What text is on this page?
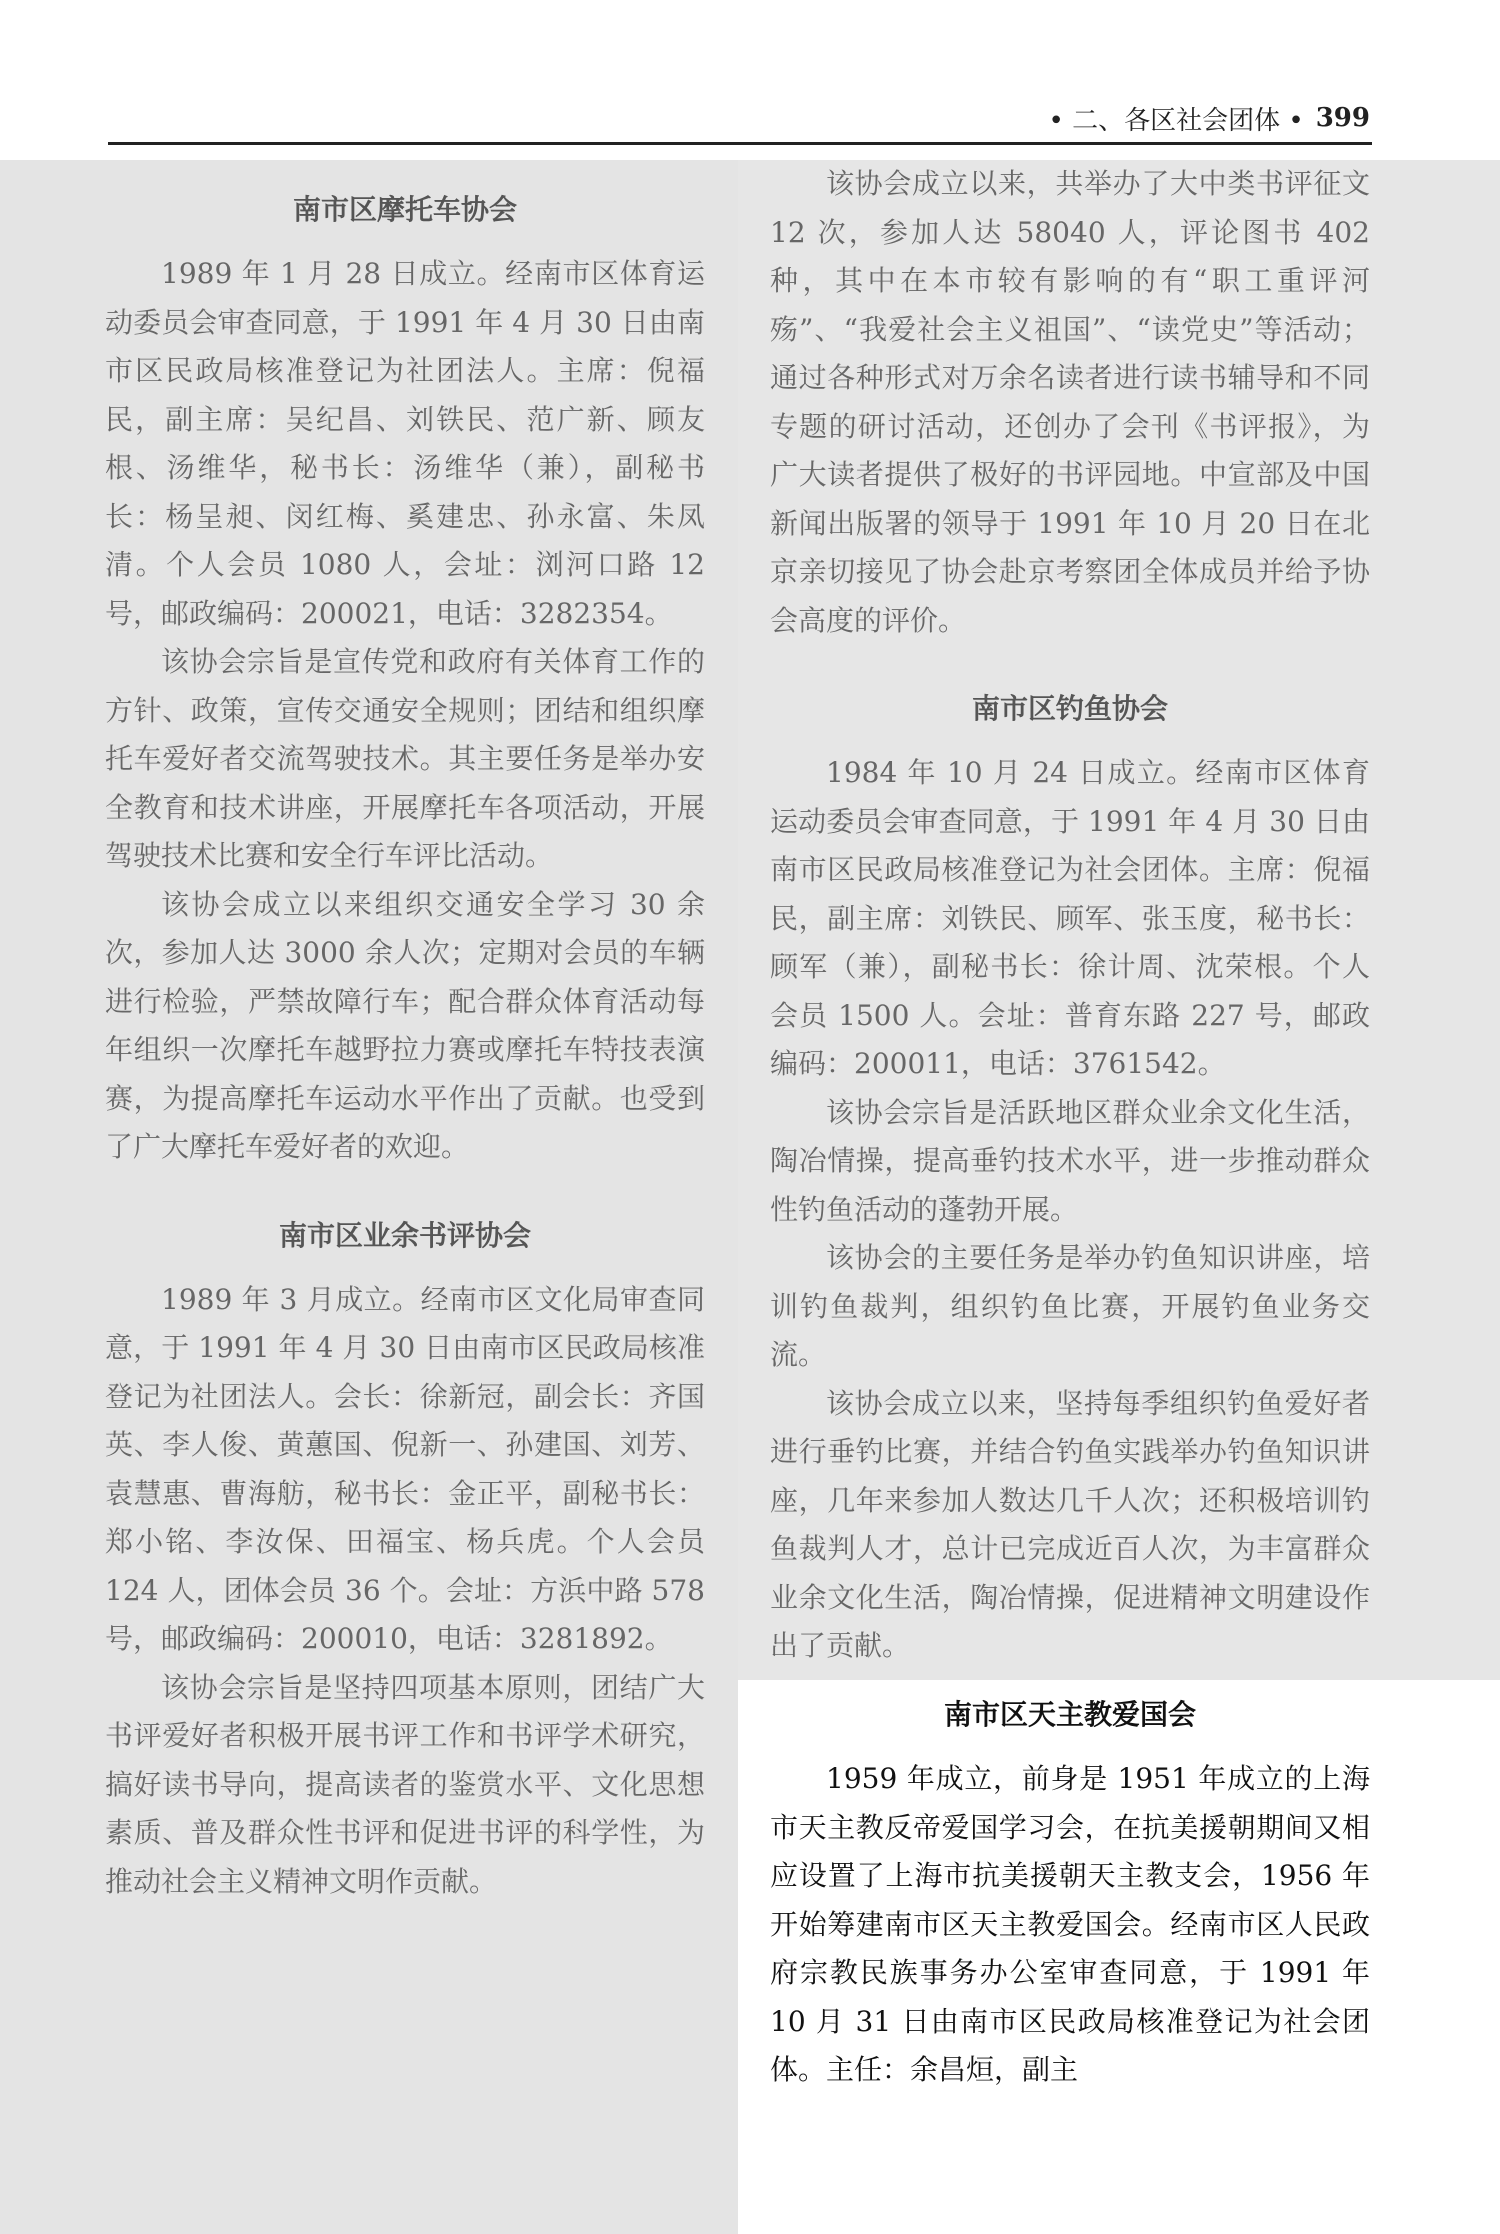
• 二、各区社会团体 • 399
南市区摩托车协会

1989 年 1 月 28 日成立。经南市区体育运动委员会审查同意，于 1991 年 4 月 30 日由南市区民政局核准登记为社团法人。主席：倪福民，副主席：吴纪昌、刘铁民、范广新、顾友根、汤维华，秘书长：汤维华（兼），副秘书长：杨呈昶、闵红梅、奚建忠、孙永富、朱凤清。个人会员 1080 人，会址：浏河口路 12 号，邮政编码：200021，电话：3282354。

该协会宗旨是宣传党和政府有关体育工作的方针、政策，宣传交通安全规则；团结和组织摩托车爱好者交流驾驶技术。其主要任务是举办安全教育和技术讲座，开展摩托车各项活动，开展驾驶技术比赛和安全行车评比活动。

该协会成立以来组织交通安全学习 30 余次，参加人达 3000 余人次；定期对会员的车辆进行检验，严禁故障行车；配合群众体育活动每年组织一次摩托车越野拉力赛或摩托车特技表演赛，为提高摩托车运动水平作出了贡献。也受到了广大摩托车爱好者的欢迎。

南市区业余书评协会

1989 年 3 月成立。经南市区文化局审查同意，于 1991 年 4 月 30 日由南市区民政局核准登记为社团法人。会长：徐新冠，副会长：齐国英、李人俊、黄蕙国、倪新一、孙建国、刘芳、袁慧惠、曹海舫，秘书长：金正平，副秘书长：郑小铭、李汝保、田福宝、杨兵虎。个人会员 124 人，团体会员 36 个。会址：方浜中路 578 号，邮政编码：200010，电话：3281892。

该协会宗旨是坚持四项基本原则，团结广大书评爱好者积极开展书评工作和书评学术研究，搞好读书导向，提高读者的鉴赏水平、文化思想素质、普及群众性书评和促进书评的科学性，为推动社会主义精神文明作贡献。

该协会成立以来，共举办了大中类书评征文 12 次，参加人达 58040 人，评论图书 402 种，其中在本市较有影响的有“职工重评河殇”、“我爱社会主义祖国”、“读党史”等活动；通过各种形式对万余名读者进行读书辅导和不同专题的研讨活动，还创办了会刊《书评报》，为广大读者提供了极好的书评园地。中宣部及中国新闻出版署的领导于 1991 年 10 月 20 日在北京亲切接见了协会赴京考察团全体成员并给予协会高度的评价。

南市区钓鱼协会

1984 年 10 月 24 日成立。经南市区体育运动委员会审查同意，于 1991 年 4 月 30 日由南市区民政局核准登记为社会团体。主席：倪福民，副主席：刘铁民、顾军、张玉度，秘书长：顾军（兼），副秘书长：徐计周、沈荣根。个人会员 1500 人。会址：普育东路 227 号，邮政编码：200011，电话：3761542。

该协会宗旨是活跃地区群众业余文化生活，陶冶情操，提高垂钓技术水平，进一步推动群众性钓鱼活动的蓬勃开展。

该协会的主要任务是举办钓鱼知识讲座，培训钓鱼裁判，组织钓鱼比赛，开展钓鱼业务交流。

该协会成立以来，坚持每季组织钓鱼爱好者进行垂钓比赛，并结合钓鱼实践举办钓鱼知识讲座，几年来参加人数达几千人次；还积极培训钓鱼裁判人才，总计已完成近百人次，为丰富群众业余文化生活，陶冶情操，促进精神文明建设作出了贡献。

南市区天主教爱国会

1959 年成立，前身是 1951 年成立的上海市天主教反帝爱国学习会，在抗美援朝期间又相应设置了上海市抗美援朝天主教支会，1956 年开始筹建南市区天主教爱国会。经南市区人民政府宗教民族事务办公室审查同意，于 1991 年 10 月 31 日由南市区民政局核准登记为社会团体。主任：余昌烜，副主
